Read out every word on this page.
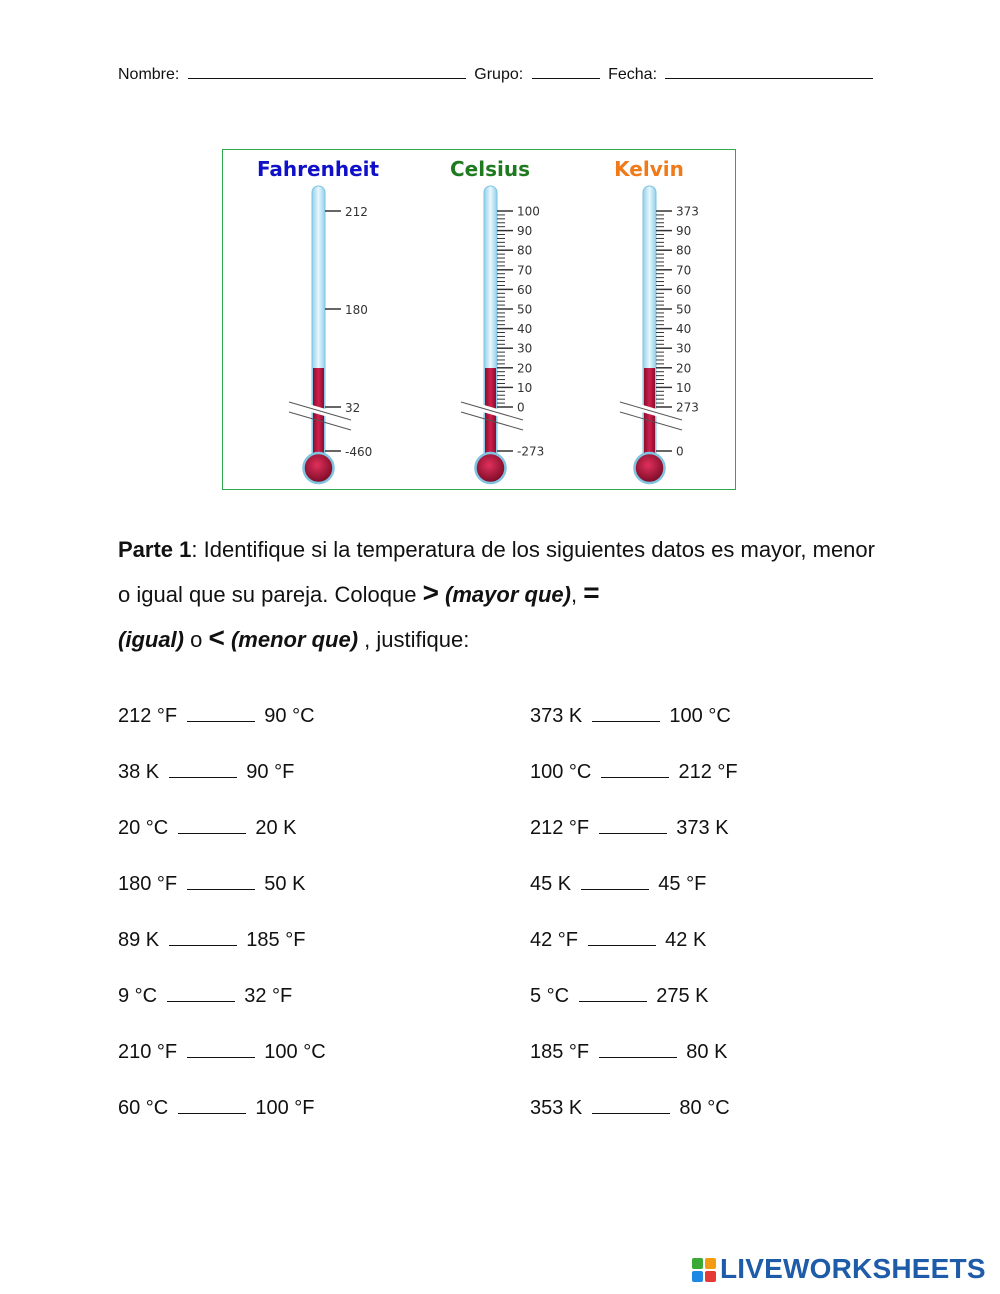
Nombre:	Grupo:	Fecha:
Fahrenheit	Celsius	Kelvin
212
180
32
-460
100
90
80
70
60
50
40
30
20
10
0
-273
373
90
80
70
60
50
40
30
20
10
273
0
Parte 1: Identifique si la temperatura de los siguientes datos es mayor, menor o igual que su pareja. Coloque > (mayor que), =
(igual) o < (menor que) , justifique:
212 °F	90 °C
38 K	90 °F
20 °C	20 K
180 °F	50 K
89 K	185 °F
9 °C	32 °F
210 °F	100 °C
60 °C	100 °F
373 K	100 °C
100 °C	212 °F
212 °F	373 K
45 K	45 °F
42 °F	42 K
5 °C	275 K
185 °F	80 K
353 K	80 °C
LIVEWORKSHEETS
